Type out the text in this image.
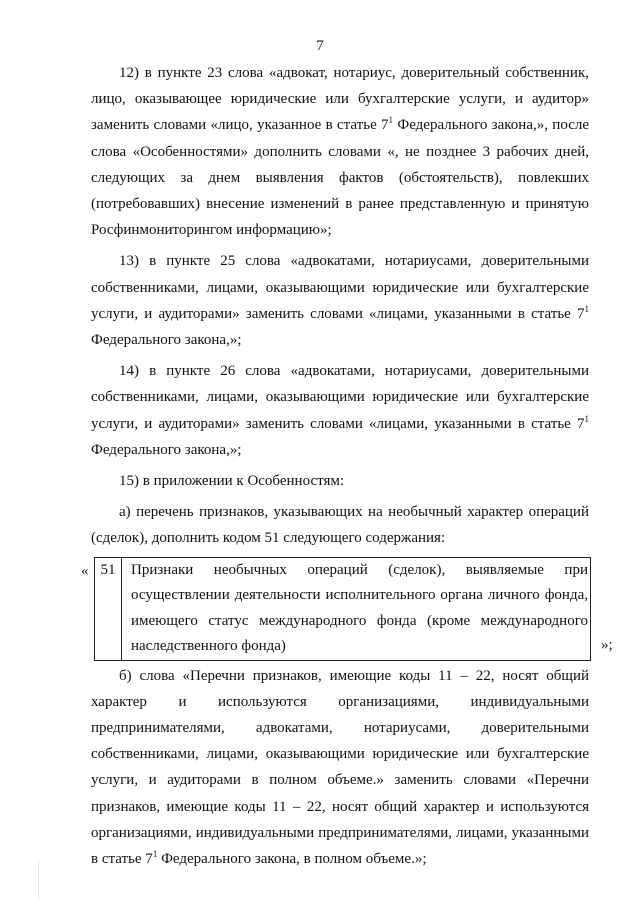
7

12) в пункте 23 слова «адвокат, нотариус, доверительный собственник, лицо, оказывающее юридические или бухгалтерские услуги, и аудитор» заменить словами «лицо, указанное в статье $7^1$ Федерального закона,», после слова «Особенностями» дополнить словами «, не позднее 3 рабочих дней, следующих за днем выявления фактов (обстоятельств), повлекших (потребовавших) внесение изменений в ранее представленную и принятую Росфинмониторингом информацию»;

13) в пункте 25 слова «адвокатами, нотариусами, доверительными собственниками, лицами, оказывающими юридические или бухгалтерские услуги, и аудиторами» заменить словами «лицами, указанными в статье $7^1$ Федерального закона,»;

14) в пункте 26 слова «адвокатами, нотариусами, доверительными собственниками, лицами, оказывающими юридические или бухгалтерские услуги, и аудиторами» заменить словами «лицами, указанными в статье $7^1$ Федерального закона,»;

15) в приложении к Особенностям:

а) перечень признаков, указывающих на необычный характер операций (сделок), дополнить кодом 51 следующего содержания:

« 51	Признаки необычных операций (сделок), выявляемые при осуществлении деятельности исполнительного органа личного фонда, имеющего статус международного фонда (кроме международного наследственного фонда)	»;

б) слова «Перечни признаков, имеющие коды 11 – 22, носят общий характер и используются организациями, индивидуальными предпринимателями, адвокатами, нотариусами, доверительными собственниками, лицами, оказывающими юридические или бухгалтерские услуги, и аудиторами в полном объеме.» заменить словами «Перечни признаков, имеющие коды 11 – 22, носят общий характер и используются организациями, индивидуальными предпринимателями, лицами, указанными в статье $7^1$ Федерального закона, в полном объеме.»;
